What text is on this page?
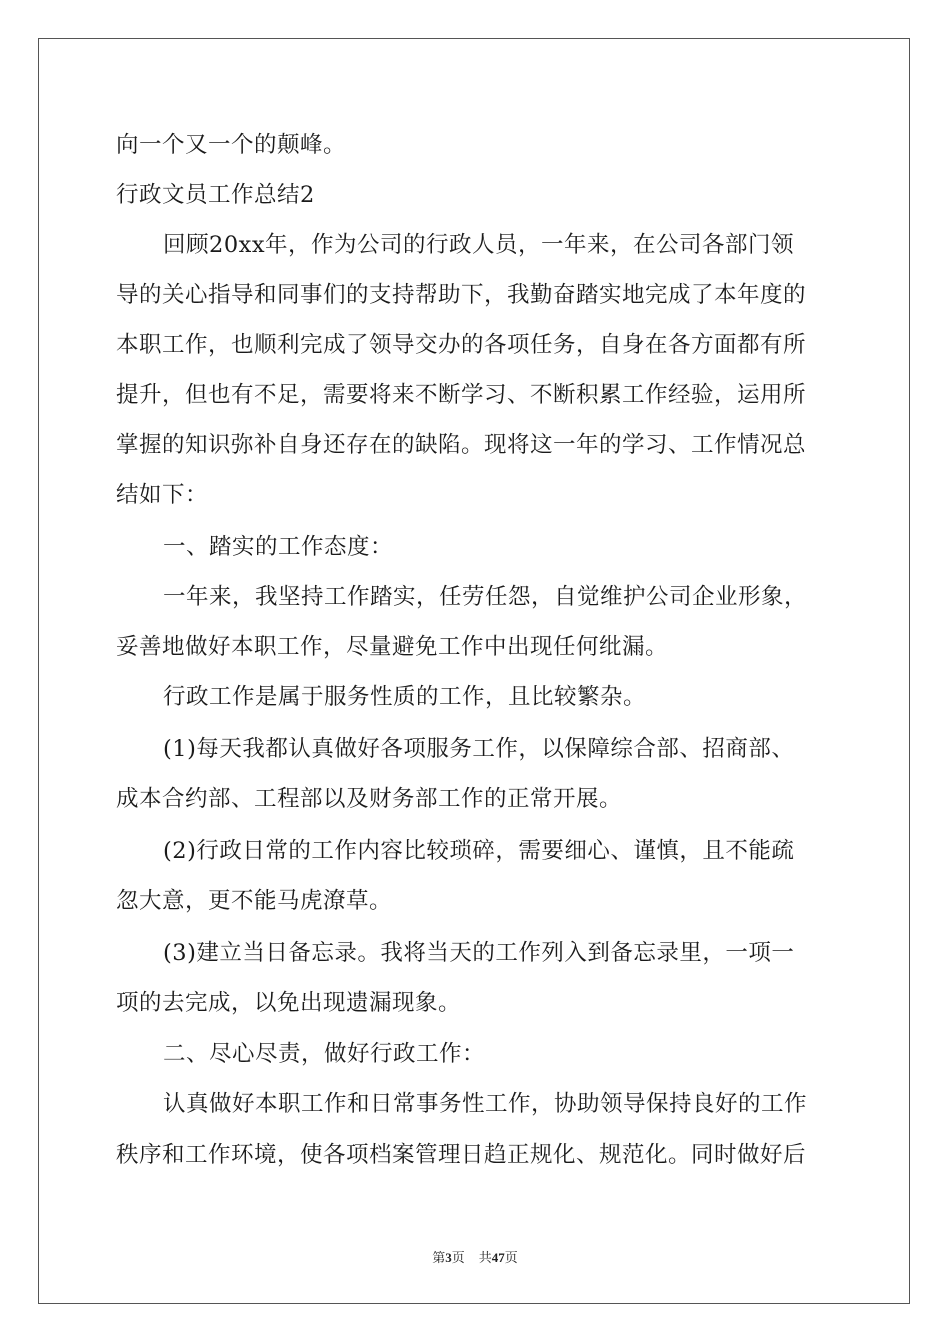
向一个又一个的颠峰。
行政文员工作总结2
回顾20xx年，作为公司的行政人员，一年来，在公司各部门领
导的关心指导和同事们的支持帮助下，我勤奋踏实地完成了本年度的
本职工作，也顺利完成了领导交办的各项任务，自身在各方面都有所
提升，但也有不足，需要将来不断学习、不断积累工作经验，运用所
掌握的知识弥补自身还存在的缺陷。现将这一年的学习、工作情况总
结如下：
一、踏实的工作态度：
一年来，我坚持工作踏实，任劳任怨，自觉维护公司企业形象，
妥善地做好本职工作，尽量避免工作中出现任何纰漏。
行政工作是属于服务性质的工作，且比较繁杂。
(1)每天我都认真做好各项服务工作，以保障综合部、招商部、
成本合约部、工程部以及财务部工作的正常开展。
(2)行政日常的工作内容比较琐碎，需要细心、谨慎，且不能疏
忽大意，更不能马虎潦草。
(3)建立当日备忘录。我将当天的工作列入到备忘录里，一项一
项的去完成，以免出现遗漏现象。
二、尽心尽责，做好行政工作：
认真做好本职工作和日常事务性工作，协助领导保持良好的工作
秩序和工作环境，使各项档案管理日趋正规化、规范化。同时做好后
第3页 共47页
